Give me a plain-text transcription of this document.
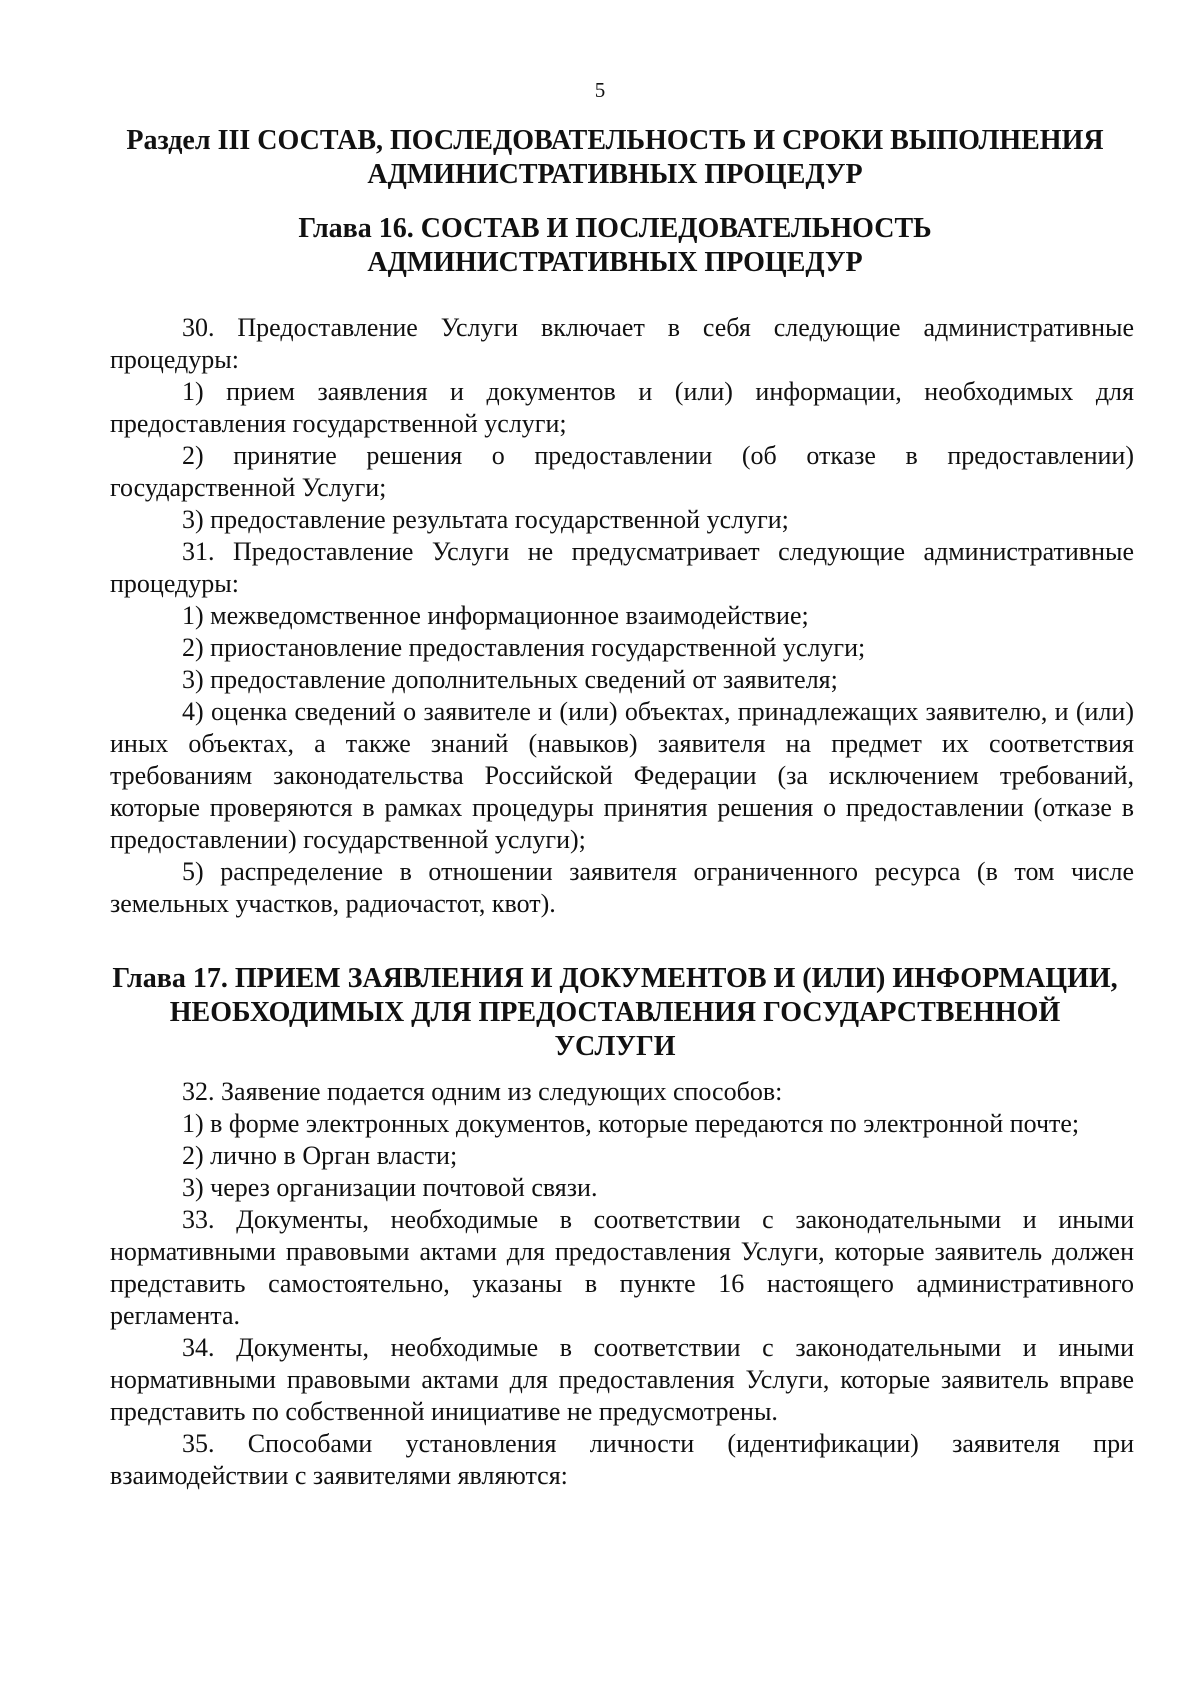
5
Раздел III СОСТАВ, ПОСЛЕДОВАТЕЛЬНОСТЬ И СРОКИ ВЫПОЛНЕНИЯ
АДМИНИСТРАТИВНЫХ ПРОЦЕДУР
Глава 16. СОСТАВ И ПОСЛЕДОВАТЕЛЬНОСТЬ
АДМИНИСТРАТИВНЫХ ПРОЦЕДУР

30. Предоставление Услуги включает в себя следующие административные процедуры:

1) прием заявления и документов и (или) информации, необходимых для предоставления государственной услуги;

2) принятие решения о предоставлении (об отказе в предоставлении) государственной Услуги;

3) предоставление результата государственной услуги;

31. Предоставление Услуги не предусматривает следующие административные процедуры:

1) межведомственное информационное взаимодействие;

2) приостановление предоставления государственной услуги;

3) предоставление дополнительных сведений от заявителя;

4) оценка сведений о заявителе и (или) объектах, принадлежащих заявителю, и (или) иных объектах, а также знаний (навыков) заявителя на предмет их соответствия требованиям законодательства Российской Федерации (за исключением требований, которые проверяются в рамках процедуры принятия решения о предоставлении (отказе в предоставлении) государственной услуги);

5) распределение в отношении заявителя ограниченного ресурса (в том числе земельных участков, радиочастот, квот).

Глава 17. ПРИЕМ ЗАЯВЛЕНИЯ И ДОКУМЕНТОВ И (ИЛИ) ИНФОРМАЦИИ,
НЕОБХОДИМЫХ ДЛЯ ПРЕДОСТАВЛЕНИЯ ГОСУДАРСТВЕННОЙ
УСЛУГИ

32. Заявение подается одним из следующих способов:

1) в форме электронных документов, которые передаются по электронной почте;

2) лично в Орган власти;

3) через организации почтовой связи.

33. Документы, необходимые в соответствии с законодательными и иными нормативными правовыми актами для предоставления Услуги, которые заявитель должен представить самостоятельно, указаны в пункте 16 настоящего административного регламента.

34. Документы, необходимые в соответствии с законодательными и иными нормативными правовыми актами для предоставления Услуги, которые заявитель вправе представить по собственной инициативе не предусмотрены.

35. Способами установления личности (идентификации) заявителя при взаимодействии с заявителями являются:
